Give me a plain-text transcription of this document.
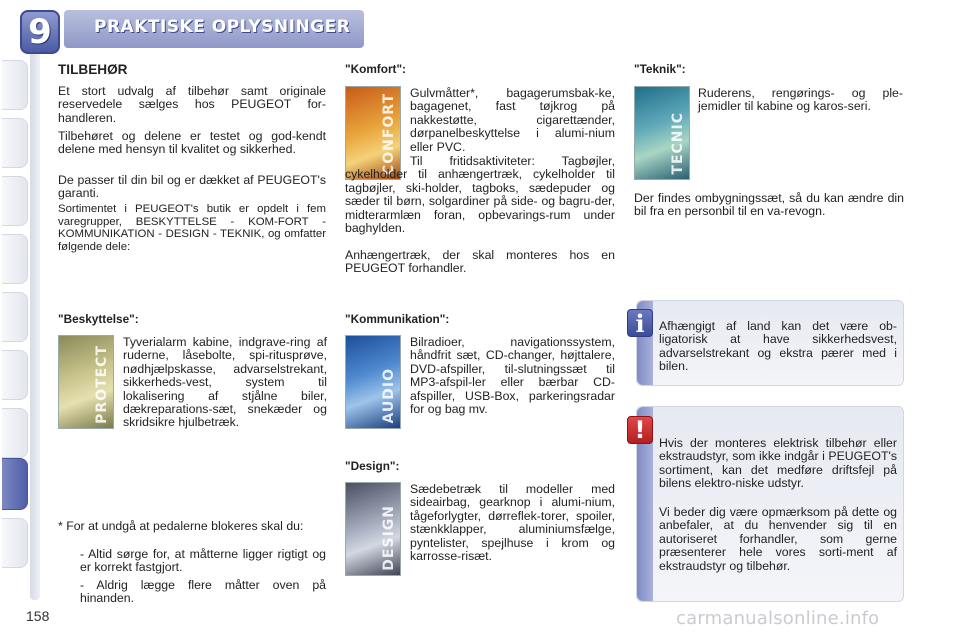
9	PRAKTISKE OPLYSNINGER
TILBEHØR
Et stort udvalg af tilbehør samt originale reservedele sælges hos PEUGEOT for-handleren.
Tilbehøret og delene er testet og god-kendt delene med hensyn til kvalitet og sikkerhed.
De passer til din bil og er dækket af PEUGEOT's garanti.
Sortimentet i PEUGEOT's butik er opdelt i fem varegrupper, BESKYTTELSE - KOM-FORT - KOMMUNIKATION - DESIGN - TEKNIK, og omfatter følgende dele:
"Beskyttelse":
PROTECT
Tyverialarm kabine, indgrave-ring af ruderne, låsebolte, spi-ritusprøve, nødhjælpskasse, advarselstrekant, sikkerheds-vest, system til lokalisering af stjålne biler, dækreparations-sæt, snekæder og skridsikre hjulbetræk.
* For at undgå at pedalerne blokeres skal du:
- Altid sørge for, at måtterne ligger rigtigt og er korrekt fastgjort.
- Aldrig lægge flere måtter oven på hinanden.
"Komfort":
CONFORT Gulvmåtter*, bagagerumsbak-ke, bagagenet, fast tøjkrog på nakkestøtte, cigarettænder, dørpanelbeskyttelse i alumi-nium eller PVC.
Til fritidsaktiviteter: Tagbøjler, cykelholder til anhængertræk, cykelholder til tagbøjler, ski-holder, tagboks, sædepuder og sæder til børn, solgardiner på side- og bagru-der, midterarmlæn foran, opbevarings-rum under baghylden.
Anhængertræk, der skal monteres hos en PEUGEOT forhandler.
"Kommunikation":
AUDIO
Bilradioer, navigationssystem, håndfrit sæt, CD-changer, højttalere, DVD-afspiller, til-slutningssæt til MP3-afspil-ler eller bærbar CD-afspiller, USB-Box, parkeringsradar for og bag mv.
"Design":
DESIGN
Sædebetræk til modeller med sideairbag, gearknop i alumi-nium, tågeforlygter, dørreflek-torer, spoiler, stænkklapper, aluminiumsfælge, pyntelister, spejlhuse i krom og karrosse-risæt.
"Teknik":
TECNIC
Ruderens, rengørings- og ple-jemidler til kabine og karos-seri.
Der findes ombygningssæt, så du kan ændre din bil fra en personbil til en va-revogn.
Afhængigt af land kan det være ob-ligatorisk at have sikkerhedsvest, advarselstrekant og ekstra pærer med i bilen.
i
Hvis der monteres elektrisk tilbehør eller ekstraudstyr, som ikke indgår i PEUGEOT's sortiment, kan det medføre driftsfejl på bilens elektro-niske udstyr.
Vi beder dig være opmærksom på dette og anbefaler, at du henvender sig til en autoriseret forhandler, som gerne præsenterer hele vores sorti-ment af ekstraudstyr og tilbehør.
!
158	carmanualsonline.info
